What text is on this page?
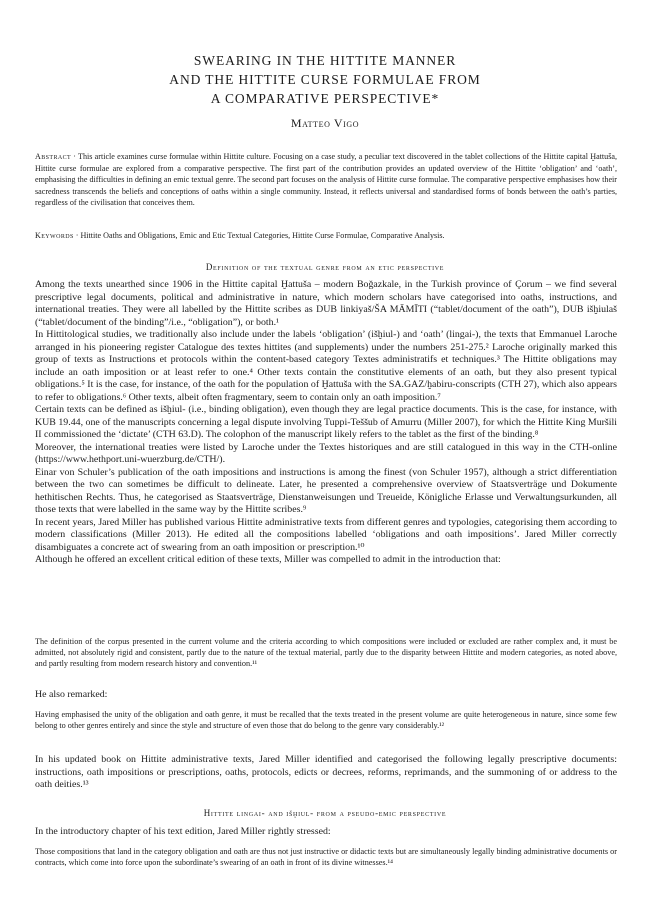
SWEARING IN THE HITTITE MANNER
AND THE HITTITE CURSE FORMULAE FROM
A COMPARATIVE PERSPECTIVE*
Matteo Vigo
Abstract · This article examines curse formulae within Hittite culture. Focusing on a case study, a peculiar text discovered in the tablet collections of the Hittite capital Ḫattuša, Hittite curse formulae are explored from a comparative perspective. The first part of the contribution provides an updated overview of the Hittite ‘obligation’ and ‘oath’, emphasising the difficulties in defining an emic textual genre. The second part focuses on the analysis of Hittite curse formulae. The comparative perspective emphasises how their sacredness transcends the beliefs and conceptions of oaths within a single community. Instead, it reflects universal and standardised forms of bonds between the oath’s parties, regardless of the civilisation that conceives them.
Keywords · Hittite Oaths and Obligations, Emic and Etic Textual Categories, Hittite Curse Formulae, Comparative Analysis.
Definition of the textual genre from an etic perspective

Among the texts unearthed since 1906 in the Hittite capital Ḫattuša – modern Boğazkale, in the Turkish province of Çorum – we find several prescriptive legal documents, political and administrative in nature, which modern scholars have categorised into oaths, instructions, and international treaties. They were all labelled by the Hittite scribes as DUB linkiyaš/ŠA MĀMĪTI (“tablet/document of the oath”), DUB išḫiulaš (“tablet/document of the binding”/i.e., “obligation”), or both.¹

In Hittitological studies, we traditionally also include under the labels ‘obligation’ (išḫiul-) and ‘oath’ (lingai-), the texts that Emmanuel Laroche arranged in his pioneering register Catalogue des textes hittites (and supplements) under the numbers 251-275.² Laroche originally marked this group of texts as Instructions et protocols within the content-based category Textes administratifs et techniques.³ The Hittite obligations may include an oath imposition or at least refer to one.⁴ Other texts contain the constitutive elements of an oath, but they also present typical obligations.⁵ It is the case, for instance, of the oath for the population of Ḫattuša with the SA.GAZ/ḫabiru-conscripts (CTH 27), which also appears to refer to obligations.⁶ Other texts, albeit often fragmentary, seem to contain only an oath imposition.⁷

Certain texts can be defined as išḫiul- (i.e., binding obligation), even though they are legal practice documents. This is the case, for instance, with KUB 19.44, one of the manuscripts concerning a legal dispute involving Tuppi-Teššub of Amurru (Miller 2007), for which the Hittite King Muršili II commissioned the ‘dictate’ (CTH 63.D). The colophon of the manuscript likely refers to the tablet as the first of the binding.⁸

Moreover, the international treaties were listed by Laroche under the Textes historiques and are still catalogued in this way in the CTH-online (https://www.hethport.uni-wuerzburg.de/CTH/).

Einar von Schuler’s publication of the oath impositions and instructions is among the finest (von Schuler 1957), although a strict differentiation between the two can sometimes be difficult to delineate. Later, he presented a comprehensive overview of Staatsverträge und Dokumente hethitischen Rechts. Thus, he categorised as Staatsverträge, Dienstanweisungen und Treueide, Königliche Erlasse und Verwaltungsurkunden, all those texts that were labelled in the same way by the Hittite scribes.⁹

In recent years, Jared Miller has published various Hittite administrative texts from different genres and typologies, categorising them according to modern classifications (Miller 2013). He edited all the compositions labelled ‘obligations and oath impositions’. Jared Miller correctly disambiguates a concrete act of swearing from an oath imposition or prescription.¹⁰

Although he offered an excellent critical edition of these texts, Miller was compelled to admit in the introduction that:

The definition of the corpus presented in the current volume and the criteria according to which compositions were included or excluded are rather complex and, it must be admitted, not absolutely rigid and consistent, partly due to the nature of the textual material, partly due to the disparity between Hittite and modern categories, as noted above, and partly resulting from modern research history and convention.¹¹
He also remarked:
Having emphasised the unity of the obligation and oath genre, it must be recalled that the texts treated in the present volume are quite heterogeneous in nature, since some few belong to other genres entirely and since the style and structure of even those that do belong to the genre vary considerably.¹²
In his updated book on Hittite administrative texts, Jared Miller identified and categorised the following legally prescriptive documents: instructions, oath impositions or prescriptions, oaths, protocols, edicts or decrees, reforms, reprimands, and the summoning of or address to the oath deities.¹³
Hittite lingai- and išḫiul- from a pseudo-emic perspective
In the introductory chapter of his text edition, Jared Miller rightly stressed:
Those compositions that land in the category obligation and oath are thus not just instructive or didactic texts but are simultaneously legally binding administrative documents or contracts, which come into force upon the subordinate’s swearing of an oath in front of its divine witnesses.¹⁴
